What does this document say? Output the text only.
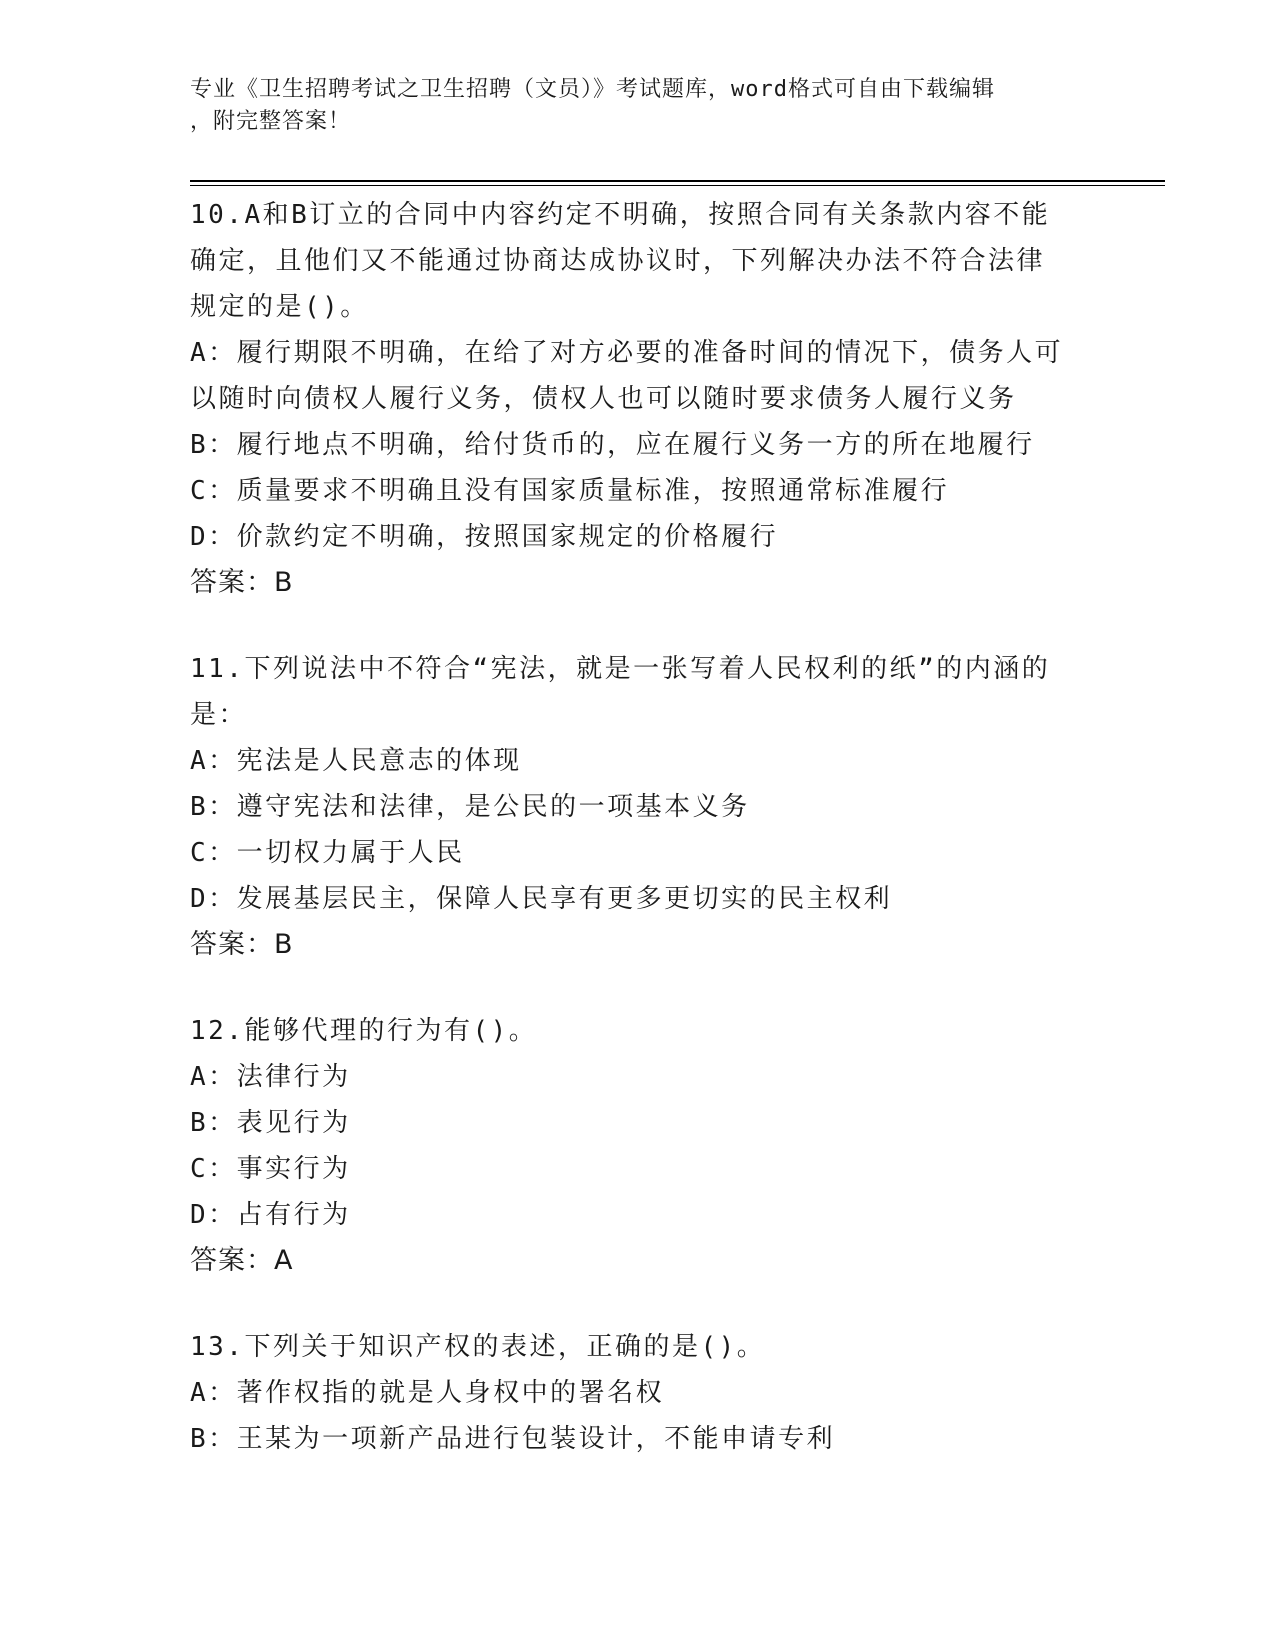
专业《卫生招聘考试之卫生招聘（文员）》考试题库，word格式可自由下载编辑
，附完整答案！
10.A和B订立的合同中内容约定不明确，按照合同有关条款内容不能
确定，且他们又不能通过协商达成协议时，下列解决办法不符合法律
规定的是()。
A：履行期限不明确，在给了对方必要的准备时间的情况下，债务人可
以随时向债权人履行义务，债权人也可以随时要求债务人履行义务
B：履行地点不明确，给付货币的，应在履行义务一方的所在地履行
C：质量要求不明确且没有国家质量标准，按照通常标准履行
D：价款约定不明确，按照国家规定的价格履行
答案：B
11.下列说法中不符合“宪法，就是一张写着人民权利的纸”的内涵的
是：
A：宪法是人民意志的体现
B：遵守宪法和法律，是公民的一项基本义务
C：一切权力属于人民
D：发展基层民主，保障人民享有更多更切实的民主权利
答案：B
12.能够代理的行为有()。
A：法律行为
B：表见行为
C：事实行为
D：占有行为
答案：A
13.下列关于知识产权的表述，正确的是()。
A：著作权指的就是人身权中的署名权
B：王某为一项新产品进行包装设计，不能申请专利
